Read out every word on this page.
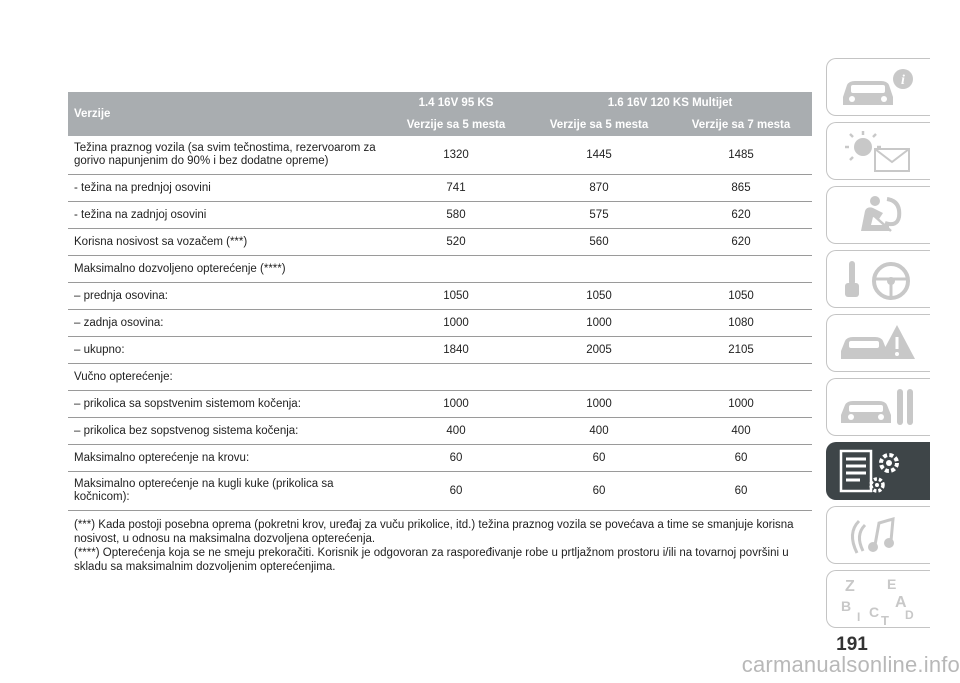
Verzije	1.4 16V 95 KS	1.6 16V 120 KS Multijet	
	Verzije sa 5 mesta	Verzije sa 5 mesta	Verzije sa 7 mesta
Težina praznog vozila (sa svim tečnostima, rezervoarom za gorivo napunjenim do 90% i bez dodatne opreme)	1320	1445	1485
- težina na prednjoj osovini	741	870	865
- težina na zadnjoj osovini	580	575	620
Korisna nosivost sa vozačem (***)	520	560	620
Maksimalno dozvoljeno opterećenje (****)			
– prednja osovina:	1050	1050	1050
– zadnja osovina:	1000	1000	1080
– ukupno:	1840	2005	2105
Vučno opterećenje:			
– prikolica sa sopstvenim sistemom kočenja:	1000	1000	1000
– prikolica bez sopstvenog sistema kočenja:	400	400	400
Maksimalno opterećenje na krovu:	60	60	60
Maksimalno opterećenje na kugli kuke (prikolica sa kočnicom):	60	60	60

(***) Kada postoji posebna oprema (pokretni krov, uređaj za vuču prikolice, itd.) težina praznog vozila se povećava a time se smanjuje korisna nosivost, u odnosu na maksimalna dozvoljena opterećenja.

(****) Opterećenja koja se ne smeju prekoračiti. Korisnik je odgovoran za raspoređivanje robe u prtljažnom prostoru i/ili na tovarnoj površini u skladu sa maksimalnim dozvoljenim opterećenjima.

i
Z E
A
B C D
I T
191
carmanualsonline.info
